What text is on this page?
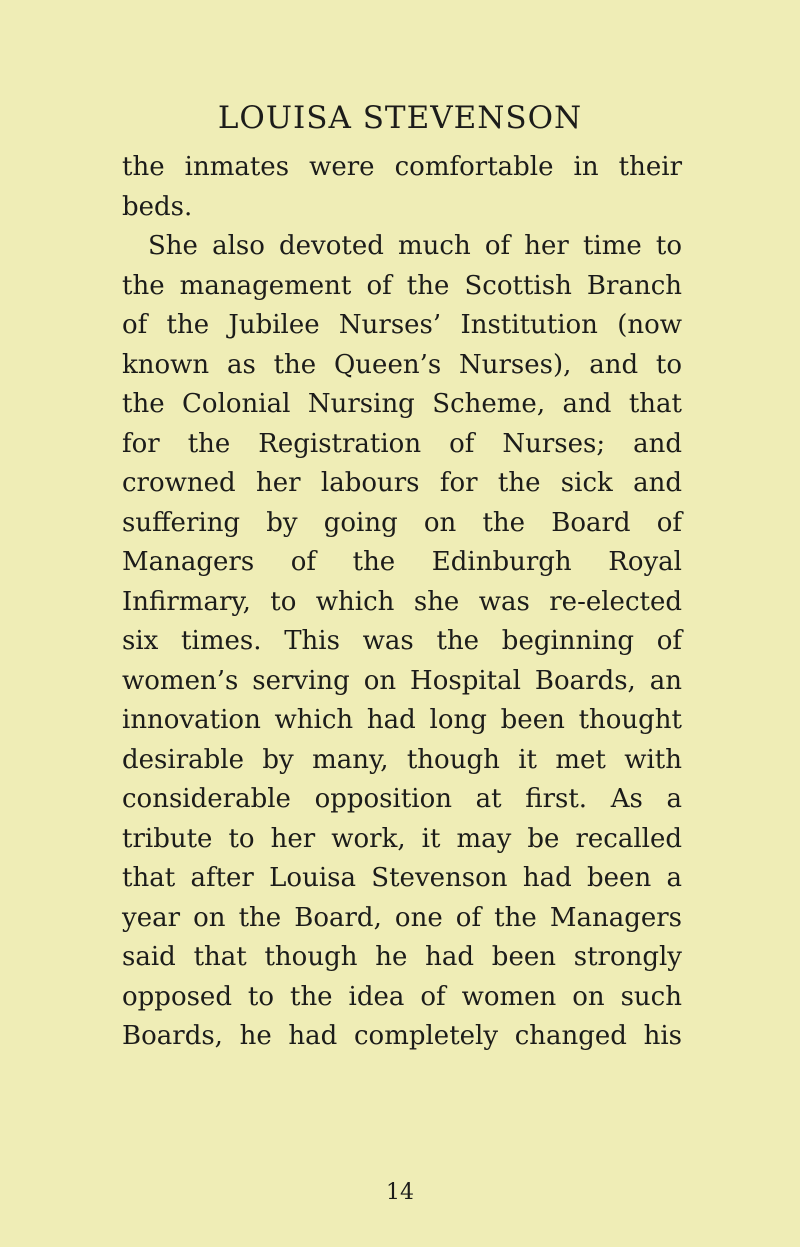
LOUISA STEVENSON
the inmates were comfortable in their
beds.
She also devoted much of her time to
the management of the Scottish Branch
of the Jubilee Nurses’ Institution (now
known as the Queen’s Nurses), and to
the Colonial Nursing Scheme, and that
for the Registration of Nurses; and
crowned her labours for the sick and
suffering by going on the Board of
Managers of the Edinburgh Royal
Infirmary, to which she was re-elected
six times. This was the beginning of
women’s serving on Hospital Boards, an
innovation which had long been thought
desirable by many, though it met with
considerable opposition at first. As a
tribute to her work, it may be recalled
that after Louisa Stevenson had been a
year on the Board, one of the Managers
said that though he had been strongly
opposed to the idea of women on such
Boards, he had completely changed his
14
